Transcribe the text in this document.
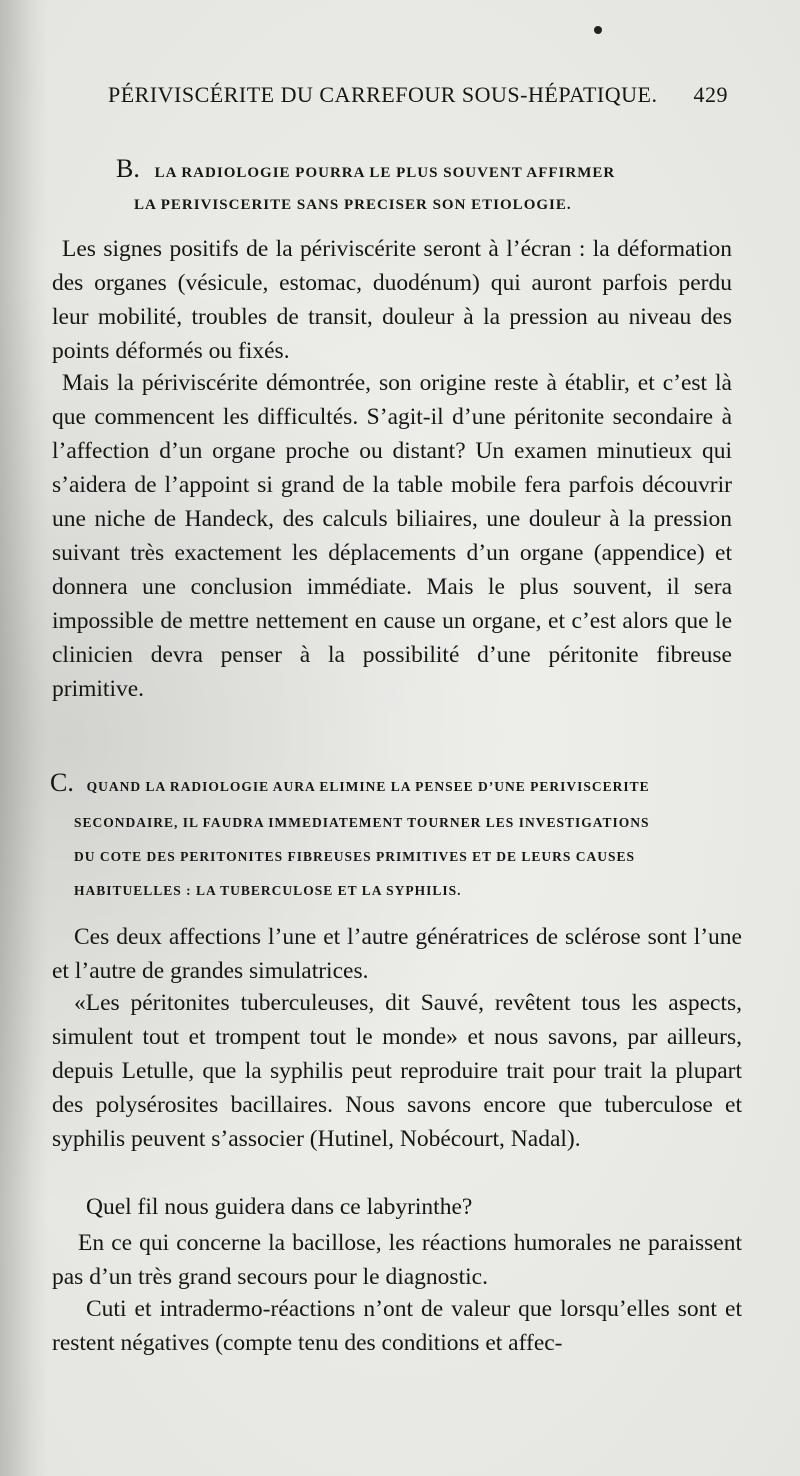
PÉRIVISCÉRITE DU CARREFOUR SOUS-HÉPATIQUE. 429
B. LA RADIOLOGIE POURRA LE PLUS SOUVENT AFFIRMER
LA PERIVISCERITE SANS PRECISER SON ETIOLOGIE.
Les signes positifs de la périviscérite seront à l’écran : la déformation des organes (vésicule, estomac, duodénum) qui auront parfois perdu leur mobilité, troubles de transit, douleur à la pression au niveau des points déformés ou fixés.
Mais la périviscérite démontrée, son origine reste à établir, et c’est là que commencent les difficultés. S’agit-il d’une péritonite secondaire à l’affection d’un organe proche ou distant? Un examen minutieux qui s’aidera de l’appoint si grand de la table mobile fera parfois découvrir une niche de Handeck, des calculs biliaires, une douleur à la pression suivant très exactement les déplacements d’un organe (appendice) et donnera une conclusion immédiate. Mais le plus souvent, il sera impossible de mettre nettement en cause un organe, et c’est alors que le clinicien devra penser à la possibilité d’une péritonite fibreuse primitive.
C. QUAND LA RADIOLOGIE AURA ELIMINE LA PENSEE D’UNE PERIVISCERITE
SECONDAIRE, IL FAUDRA IMMEDIATEMENT TOURNER LES INVESTIGATIONS
DU COTE DES PERITONITES FIBREUSES PRIMITIVES ET DE LEURS CAUSES
HABITUELLES : LA TUBERCULOSE ET LA SYPHILIS.
Ces deux affections l’une et l’autre génératrices de sclérose sont l’une et l’autre de grandes simulatrices.
«Les péritonites tuberculeuses, dit Sauvé, revêtent tous les aspects, simulent tout et trompent tout le monde» et nous savons, par ailleurs, depuis Letulle, que la syphilis peut reproduire trait pour trait la plupart des polysérosites bacillaires. Nous savons encore que tuberculose et syphilis peuvent s’associer (Hutinel, Nobécourt, Nadal).
Quel fil nous guidera dans ce labyrinthe?
En ce qui concerne la bacillose, les réactions humorales ne paraissent pas d’un très grand secours pour le diagnostic.
Cuti et intradermo-réactions n’ont de valeur que lorsqu’elles sont et restent négatives (compte tenu des conditions et affec-
